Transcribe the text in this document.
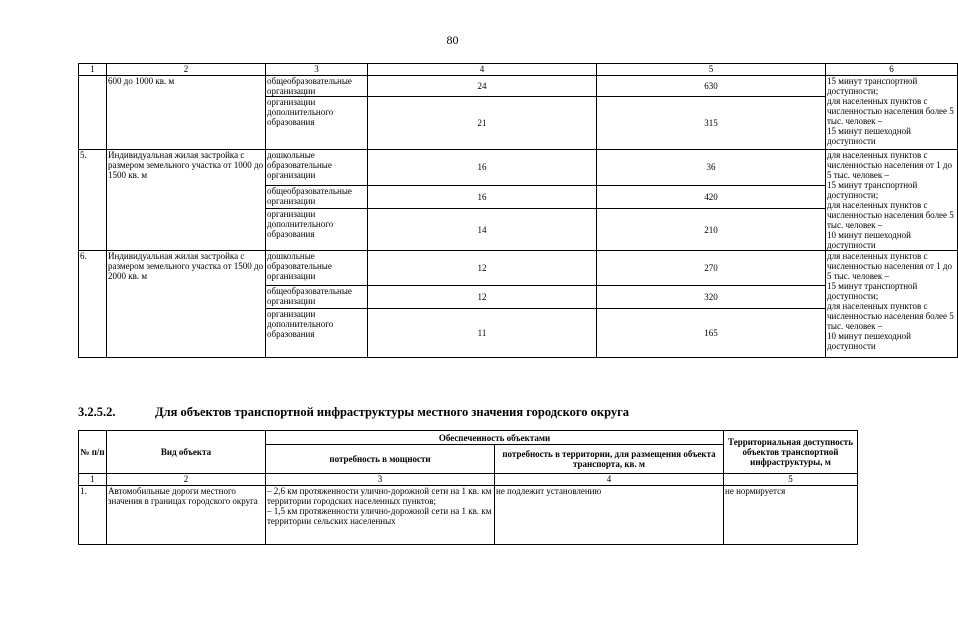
80
1	2	3	4	5	6
	600 до 1000 кв. м	общеобразовательные организации	24	630	15 минут транспортной доступности;
для населенных пунктов с численностью населения более 5 тыс. человек –
15 минут пешеходной доступности
		организации дополнительного образования	21	315	
5.	Индивидуальная жилая застройка с размером земельного участка от 1000 до 1500 кв. м	дошкольные образовательные организации	16	36	для населенных пунктов с численностью населения от 1 до 5 тыс. человек –
15 минут транспортной доступности;
для населенных пунктов с численностью населения более 5 тыс. человек –
10 минут пешеходной доступности
		общеобразовательные организации	16	420	
		организации дополнительного образования	14	210	
6.	Индивидуальная жилая застройка с размером земельного участка от 1500 до 2000 кв. м	дошкольные образовательные организации	12	270	для населенных пунктов с численностью населения от 1 до 5 тыс. человек –
15 минут транспортной доступности;
для населенных пунктов с численностью населения более 5 тыс. человек –
10 минут пешеходной доступности
		общеобразовательные организации	12	320	
		организации дополнительного образования	11	165	
3.2.5.2.	Для объектов транспортной инфраструктуры местного значения городского округа
№ п/п	Вид объекта	Обеспеченность объектами		Территориальная доступность объектов транспортной инфраструктуры, м
		потребность в мощности	потребность в территории, для размещения объекта транспорта, кв. м	
1	2	3	4	5
1.	Автомобильные дороги местного значения в границах городского округа	– 2,6 км протяженности улично-дорожной сети на 1 кв. км территории городских населенных пунктов;
– 1,5 км протяженности улично-дорожной сети на 1 кв. км территории сельских населенных	не подлежит установлению	не нормируется
